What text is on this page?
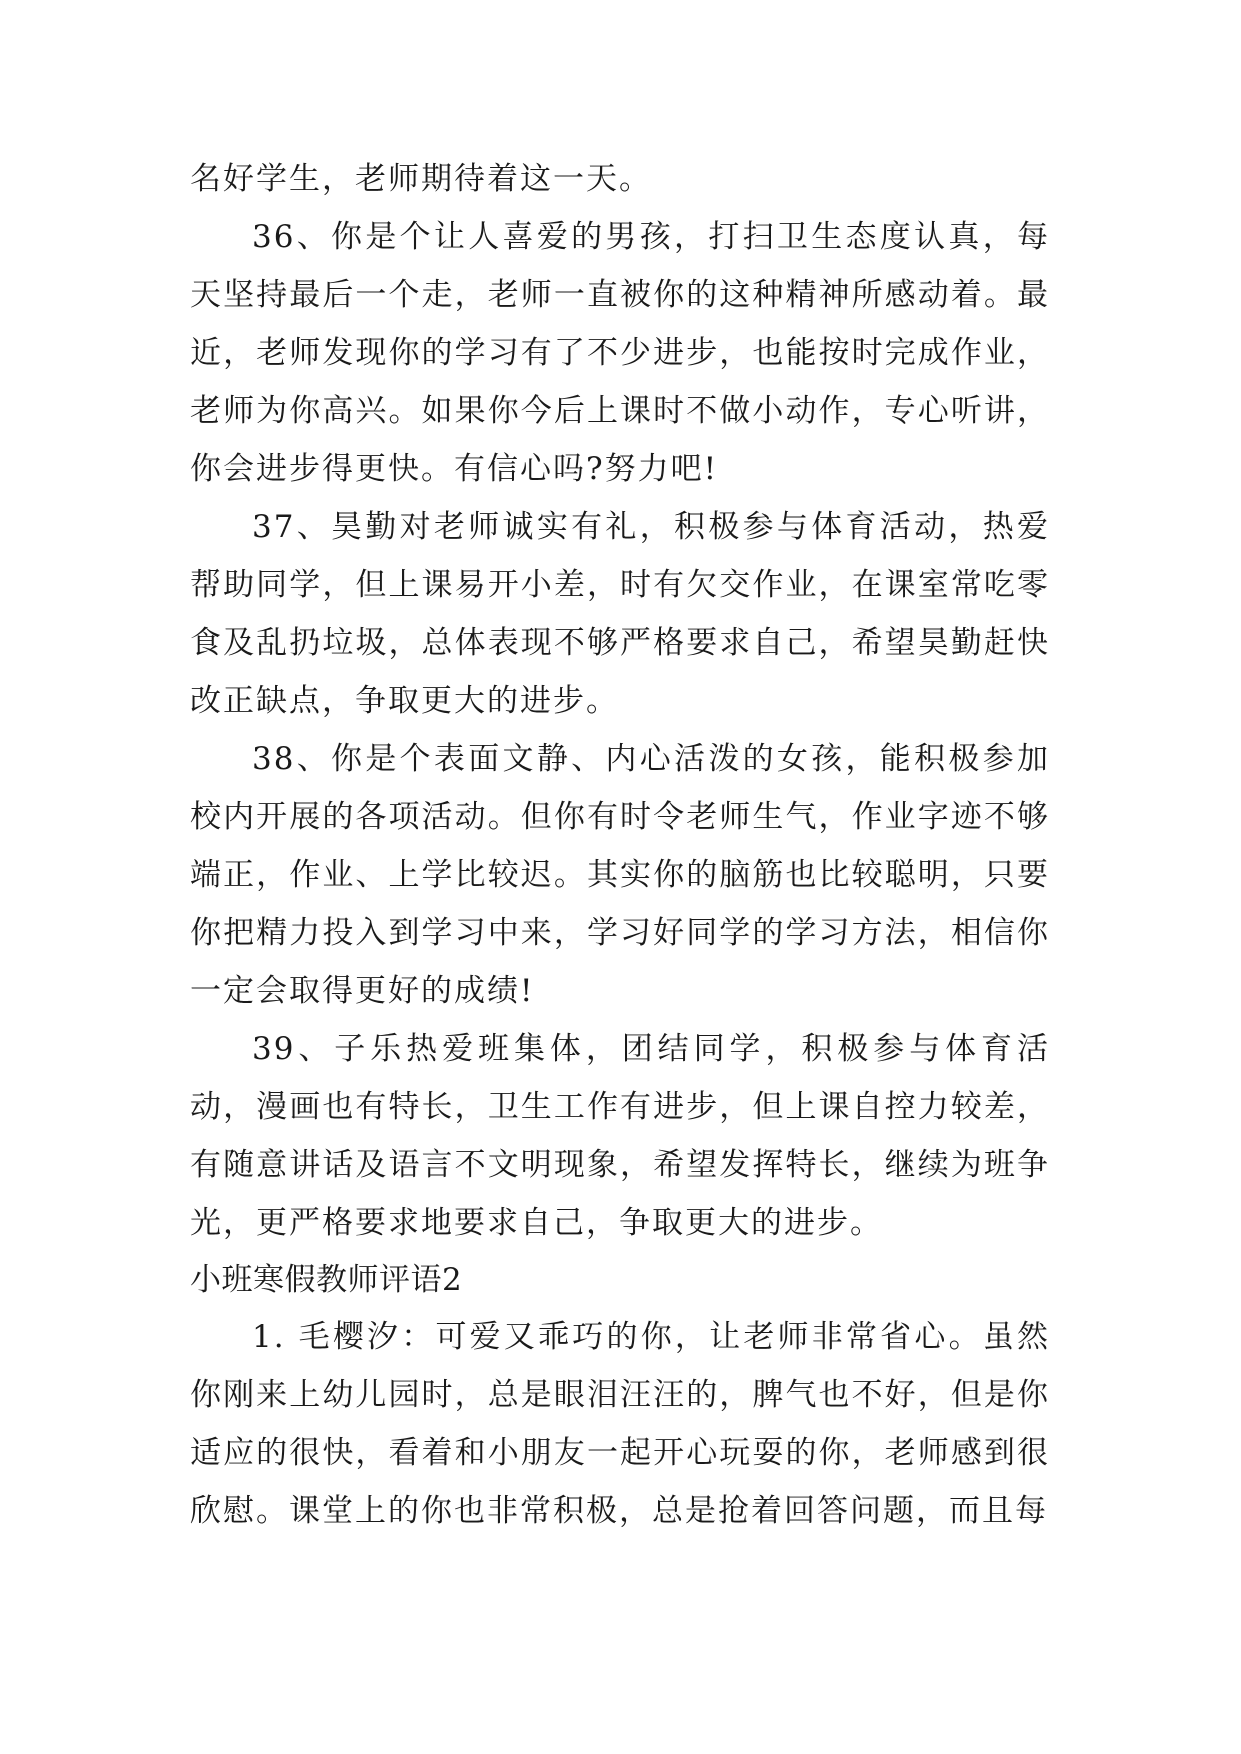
名好学生，老师期待着这一天。

36、你是个让人喜爱的男孩，打扫卫生态度认真，每天坚持最后一个走，老师一直被你的这种精神所感动着。最近，老师发现你的学习有了不少进步，也能按时完成作业，老师为你高兴。如果你今后上课时不做小动作，专心听讲，你会进步得更快。有信心吗?努力吧!

37、昊勤对老师诚实有礼，积极参与体育活动，热爱帮助同学，但上课易开小差，时有欠交作业，在课室常吃零食及乱扔垃圾，总体表现不够严格要求自己，希望昊勤赶快改正缺点，争取更大的进步。

38、你是个表面文静、内心活泼的女孩，能积极参加校内开展的各项活动。但你有时令老师生气，作业字迹不够端正，作业、上学比较迟。其实你的脑筋也比较聪明，只要你把精力投入到学习中来，学习好同学的学习方法，相信你一定会取得更好的成绩!

39、子乐热爱班集体，团结同学，积极参与体育活动，漫画也有特长，卫生工作有进步，但上课自控力较差，有随意讲话及语言不文明现象，希望发挥特长，继续为班争光，更严格要求地要求自己，争取更大的进步。

小班寒假教师评语2

1. 毛樱汐：可爱又乖巧的你，让老师非常省心。虽然你刚来上幼儿园时，总是眼泪汪汪的，脾气也不好，但是你适应的很快，看着和小朋友一起开心玩耍的你，老师感到很欣慰。课堂上的你也非常积极，总是抢着回答问题，而且每
